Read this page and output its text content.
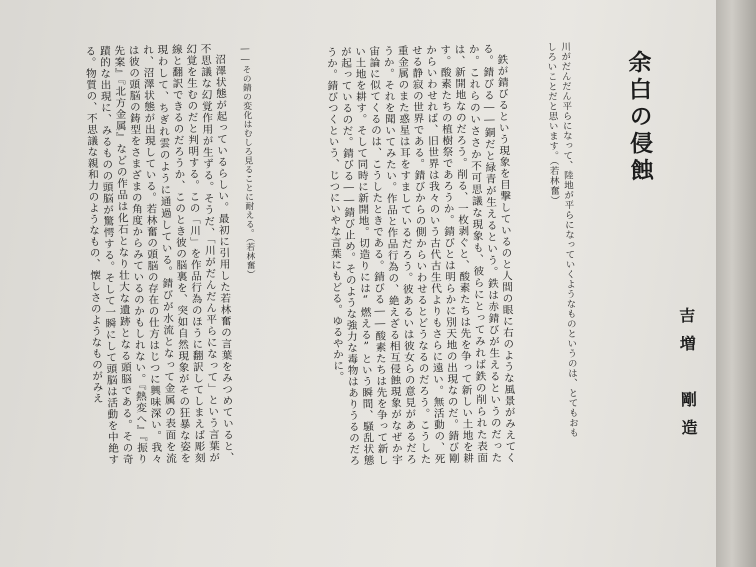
余白の侵蝕
吉増　剛造

川がだんだん平らになって、陸地が平らになっていくようなものというのは、とてもおもしろいことだと思います。（若林奮）

鉄が錆びるという現象を目撃しているのと人間の眼に右のような風景がみえてくる。錆びる――銅だと緑青が生えるという。鉄は赤錆びが生えるというのだったか。これらのいささか不可思議な現象も、彼らにとってみれば鉄の削られた表面は、新開地なのだろう。削る、一枚剥ぐと、酸素たちは先を争って新しい土地を耕す。酸素たちの植樹祭であろうか。錆びとは明らかに別天地の出現なのだ。錆び剛からいわせれば、旧世界は我々のいう古代古生代よりもさらに遠い。無活動の、死せる静寂の世界である。錆びからの側からいわせるとどうなるのだろう。こうした重金属のまた惑星は耳をすましているだろう。彼あるいは彼女らの意見があるだろうか。それを聞いてみたい。作品と作品行為の、絶えざる相互侵蝕現象がなぜか宇宙論に似てくるのは、こうしたときである。錆びる――酸素たちは先を争って新しい土地を耕す。そして同時に新開地。切造りには“燃える”という瞬間、騒乱状態が起っているのだ。錆びる――錆び止め。そのような強力な毒物はありうるのだろうか。錆びつくという、じつにいやな言葉にもどる。ゆるやかに。

――その錆の変化はむしろ見ることに耐える。（若林奮）

沼澤状態が起っているらしい。最初に引用した若林奮の言葉をみつめていると、不思議な幻覚作用が生ずる。そうだ、「川がだんだん平らになって」という言葉が幻覚を生むのだと判明する。この「川」を作品行為のほうに翻訳してしまえば彫刻線と翻訳できるのだろうか、このとき彼の脳裏を、突如自然現象がその狂暴な姿を現わして、ちぎれ雲のように通過している。錆びが水流となって金属の表面を流れ、沼澤状態が出現している。若林奮の頭脳の存在の仕方はじつに興味深い。我々は彼の頭脳の鋳型をさまざまの角度からみているのかもしれない。『熱変へ』『振り先案』『北方金属』などの作品は化石となり壮大な遺跡となる頭脳である。その奇蹟的な出現に、みるものの頭脳が驚愕する。そして一瞬にして頭脳は活動を中絶する。物質の、不思議な親和力のようなもの、懐しさのようなものがみえ
